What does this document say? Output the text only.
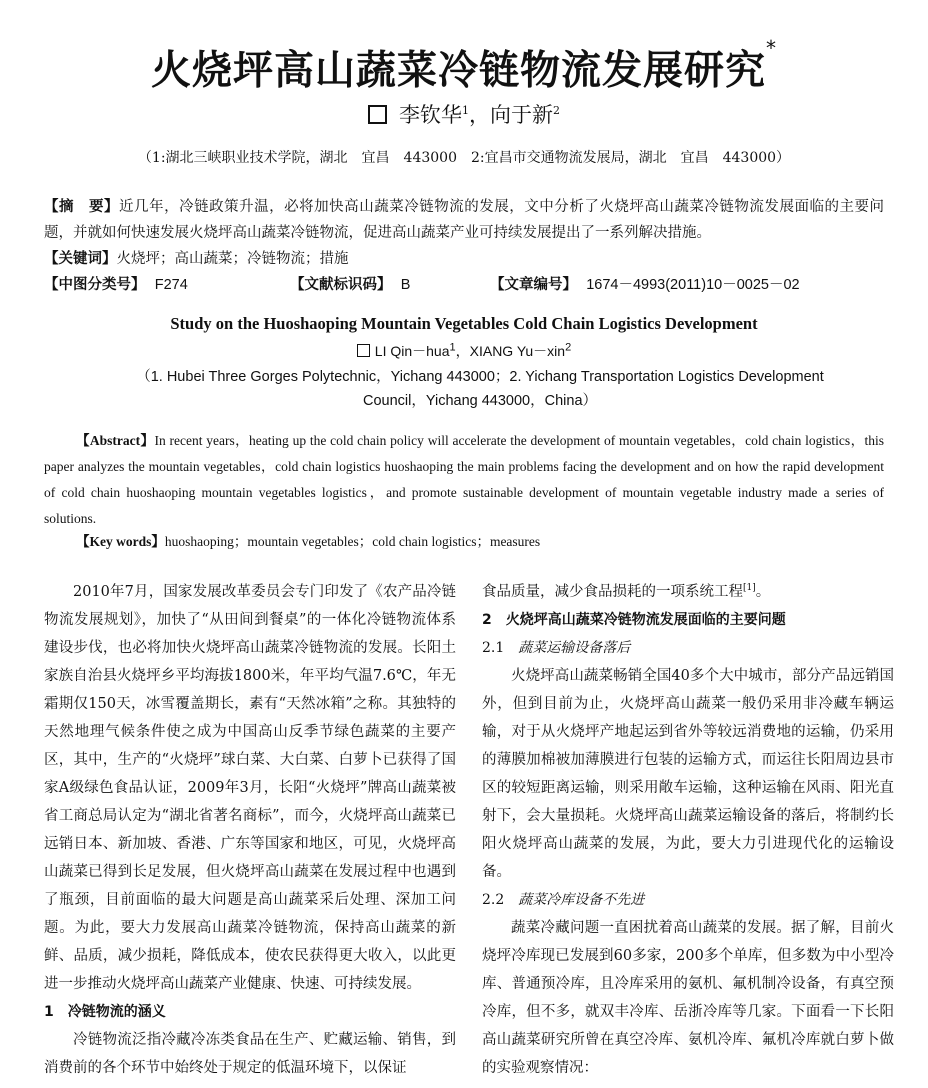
火烧坪高山蔬菜冷链物流发展研究*
李钦华$^1$，向于新$^2$
（1:湖北三峡职业技术学院，湖北　宜昌　443000　2:宜昌市交通物流发展局，湖北　宜昌　443000）
【摘　要】近几年，冷链政策升温，必将加快高山蔬菜冷链物流的发展，文中分析了火烧坪高山蔬菜冷链物流发展面临的主要问题，并就如何快速发展火烧坪高山蔬菜冷链物流，促进高山蔬菜产业可持续发展提出了一系列解决措施。
【关键词】火烧坪；高山蔬菜；冷链物流；措施
【中图分类号】 F274	【文献标识码】 B	【文章编号】 1674－4993(2011)10－0025－02
Study on the Huoshaoping Mountain Vegetables Cold Chain Logistics Development
LI Qin－hua$^1$，XIANG Yu－xin$^2$
（1. Hubei Three Gorges Polytechnic，Yichang 443000；2. Yichang Transportation Logistics Development
Council，Yichang 443000，China）
【Abstract】In recent years，heating up the cold chain policy will accelerate the development of mountain vegetables，cold chain logistics，this paper analyzes the mountain vegetables，cold chain logistics huoshaoping the main problems facing the development and on how the rapid development of cold chain huoshaoping mountain vegetables logistics，and promote sustainable development of mountain vegetable industry made a series of solutions.
【Key words】huoshaoping；mountain vegetables；cold chain logistics；measures

2010年7月，国家发展改革委员会专门印发了《农产品冷链物流发展规划》，加快了“从田间到餐桌”的一体化冷链物流体系建设步伐，也必将加快火烧坪高山蔬菜冷链物流的发展。长阳土家族自治县火烧坪乡平均海拔1800米，年平均气温7.6℃，年无霜期仅150天，冰雪覆盖期长，素有“天然冰箱”之称。其独特的天然地理气候条件使之成为中国高山反季节绿色蔬菜的主要产区，其中，生产的“火烧坪”球白菜、大白菜、白萝卜已获得了国家A级绿色食品认证，2009年3月，长阳“火烧坪”牌高山蔬菜被省工商总局认定为“湖北省著名商标”，而今，火烧坪高山蔬菜已远销日本、新加坡、香港、广东等国家和地区，可见，火烧坪高山蔬菜已得到长足发展，但火烧坪高山蔬菜在发展过程中也遇到了瓶颈，目前面临的最大问题是高山蔬菜采后处理、深加工问题。为此，要大力发展高山蔬菜冷链物流，保持高山蔬菜的新鲜、品质，减少损耗，降低成本，使农民获得更大收入，以此更进一步推动火烧坪高山蔬菜产业健康、快速、可持续发展。

1　冷链物流的涵义

冷链物流泛指冷藏冷冻类食品在生产、贮藏运输、销售，到消费前的各个环节中始终处于规定的低温环境下，以保证

食品质量，减少食品损耗的一项系统工程[1]。

2　火烧坪高山蔬菜冷链物流发展面临的主要问题

2.1　蔬菜运输设备落后

火烧坪高山蔬菜畅销全国40多个大中城市，部分产品远销国外，但到目前为止，火烧坪高山蔬菜一般仍采用非冷藏车辆运输，对于从火烧坪产地起运到省外等较远消费地的运输，仍采用的薄膜加棉被加薄膜进行包装的运输方式，而运往长阳周边县市区的较短距离运输，则采用敞车运输，这种运输在风雨、阳光直射下，会大量损耗。火烧坪高山蔬菜运输设备的落后，将制约长阳火烧坪高山蔬菜的发展，为此，要大力引进现代化的运输设备。

2.2　蔬菜冷库设备不先进

蔬菜冷藏问题一直困扰着高山蔬菜的发展。据了解，目前火烧坪冷库现已发展到60多家，200多个单库，但多数为中小型冷库、普通预冷库，且冷库采用的氨机、氟机制冷设备，有真空预冷库，但不多，就双丰冷库、岳浙冷库等几家。下面看一下长阳高山蔬菜研究所曾在真空冷库、氨机冷库、氟机冷库就白萝卜做的实验观察情况：
